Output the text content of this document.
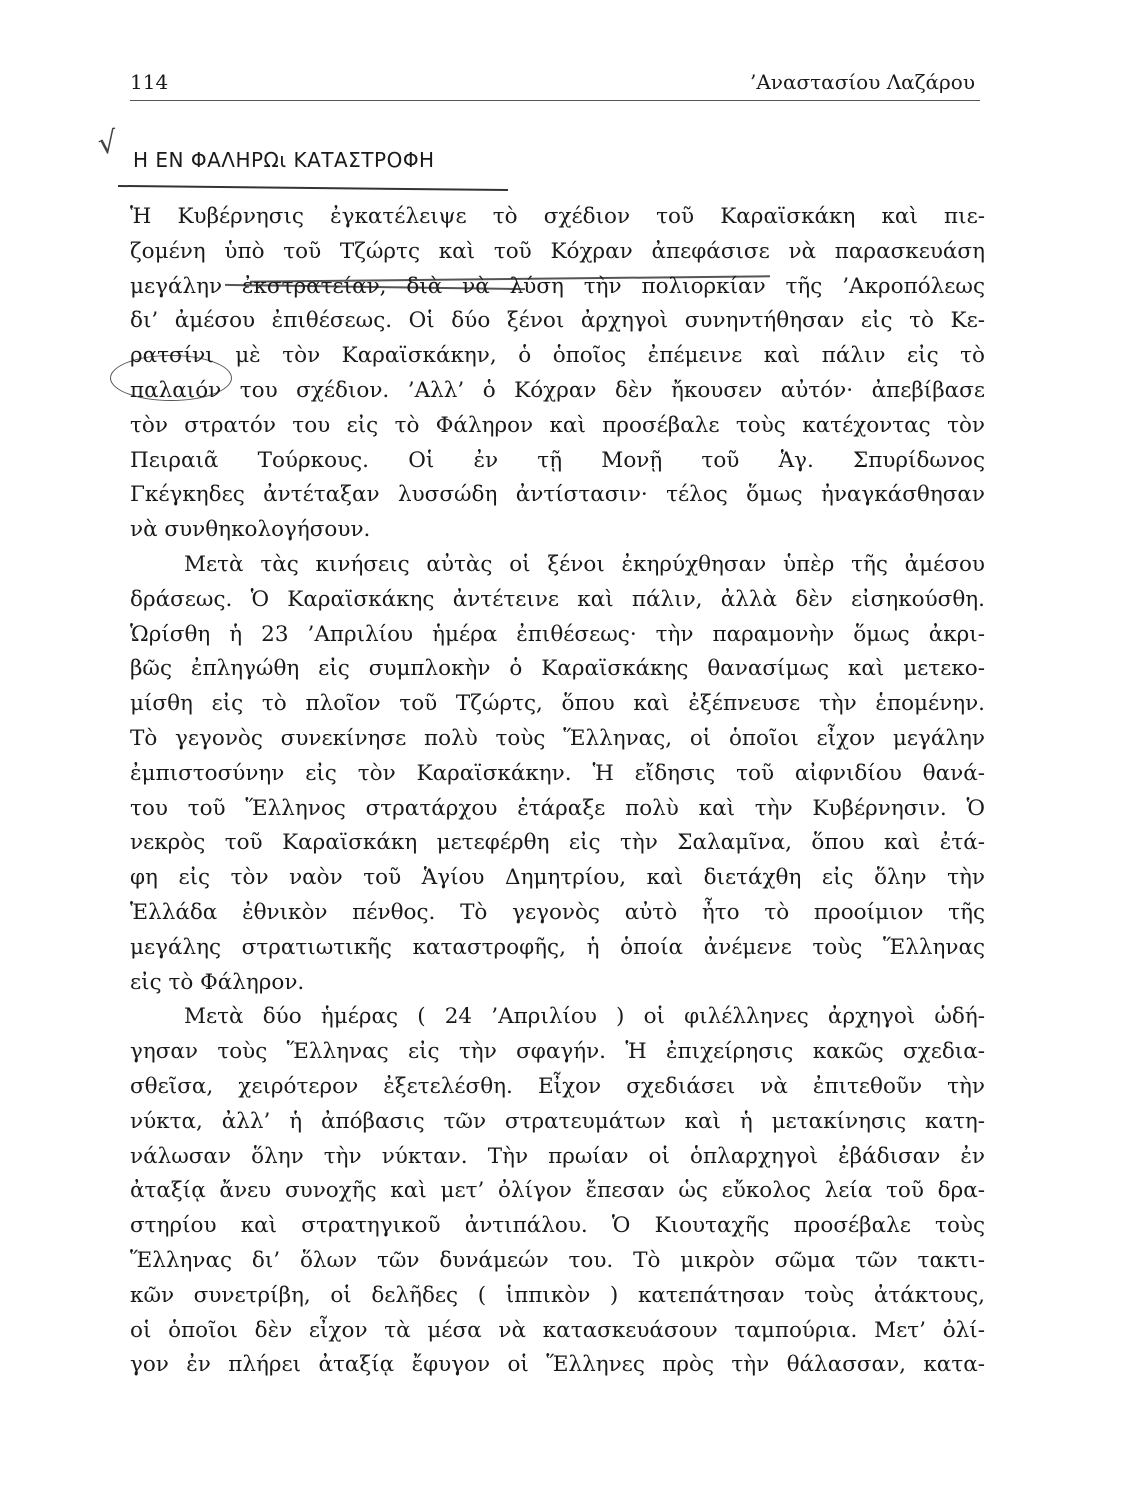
114	’Αναστασίου Λαζάρου
√ Η ΕΝ ΦΑΛΗΡΩι ΚΑΤΑΣΤΡΟΦΗ

Ἡ Κυβέρνησις ἐγκατέλειψε τὸ σχέδιον τοῦ Καραϊσκάκη καὶ πιε-
ζομένη ὑπὸ τοῦ Τζώρτς καὶ τοῦ Κόχραν ἀπεφάσισε νὰ παρασκευάση
μεγάλην ἐκστρατείαν, διὰ νὰ λύση τὴν πολιορκίαν τῆς ’Ακροπόλεως
δι’ ἀμέσου ἐπιθέσεως. Οἱ δύο ξένοι ἀρχηγοὶ συνηντήθησαν εἰς τὸ Κε-
ρατσίνι μὲ τὸν Καραϊσκάκην, ὁ ὁποῖος ἐπέμεινε καὶ πάλιν εἰς τὸ
παλαιόν του σχέδιον. ’Αλλ’ ὁ Κόχραν δὲν ἤκουσεν αὐτόν· ἀπεβίβασε
τὸν στρατόν του εἰς τὸ Φάληρον καὶ προσέβαλε τοὺς κατέχοντας τὸν
Πειραιᾶ Τούρκους. Οἱ ἐν τῇ Μονῇ τοῦ Ἁγ. Σπυρίδωνος
Γκέγκηδες ἀντέταξαν λυσσώδη ἀντίστασιν· τέλος ὅμως ἠναγκάσθησαν
νὰ συνθηκολογήσουν.

Μετὰ τὰς κινήσεις αὐτὰς οἱ ξένοι ἐκηρύχθησαν ὑπὲρ τῆς ἀμέσου
δράσεως. Ὁ Καραϊσκάκης ἀντέτεινε καὶ πάλιν, ἀλλὰ δὲν εἰσηκούσθη.
Ὡρίσθη ἡ 23 ’Απριλίου ἡμέρα ἐπιθέσεως· τὴν παραμονὴν ὅμως ἀκρι-
βῶς ἐπληγώθη εἰς συμπλοκὴν ὁ Καραϊσκάκης θανασίμως καὶ μετεκο-
μίσθη εἰς τὸ πλοῖον τοῦ Τζώρτς, ὅπου καὶ ἐξέπνευσε τὴν ἑπομένην.
Τὸ γεγονὸς συνεκίνησε πολὺ τοὺς Ἕλληνας, οἱ ὁποῖοι εἶχον μεγάλην
ἐμπιστοσύνην εἰς τὸν Καραϊσκάκην. Ἡ εἴδησις τοῦ αἰφνιδίου θανά-
του τοῦ Ἕλληνος στρατάρχου ἐτάραξε πολὺ καὶ τὴν Κυβέρνησιν. Ὁ
νεκρὸς τοῦ Καραϊσκάκη μετεφέρθη εἰς τὴν Σαλαμῖνα, ὅπου καὶ ἐτά-
φη εἰς τὸν ναὸν τοῦ Ἁγίου Δημητρίου, καὶ διετάχθη εἰς ὅλην τὴν
Ἑλλάδα ἐθνικὸν πένθος. Τὸ γεγονὸς αὐτὸ ἦτο τὸ προοίμιον τῆς
μεγάλης στρατιωτικῆς καταστροφῆς, ἡ ὁποία ἀνέμενε τοὺς Ἕλληνας
εἰς τὸ Φάληρον.

Μετὰ δύο ἡμέρας ( 24 ’Απριλίου ) οἱ φιλέλληνες ἀρχηγοὶ ὡδή-
γησαν τοὺς Ἕλληνας εἰς τὴν σφαγήν. Ἡ ἐπιχείρησις κακῶς σχεδια-
σθεῖσα, χειρότερον ἐξετελέσθη. Εἶχον σχεδιάσει νὰ ἐπιτεθοῦν τὴν
νύκτα, ἀλλ’ ἡ ἀπόβασις τῶν στρατευμάτων καὶ ἡ μετακίνησις κατη-
νάλωσαν ὅλην τὴν νύκταν. Τὴν πρωίαν οἱ ὁπλαρχηγοὶ ἐβάδισαν ἐν
ἀταξίᾳ ἄνευ συνοχῆς καὶ μετ’ ὀλίγον ἔπεσαν ὡς εὔκολος λεία τοῦ δρα-
στηρίου καὶ στρατηγικοῦ ἀντιπάλου. Ὁ Κιουταχῆς προσέβαλε τοὺς
Ἕλληνας δι’ ὅλων τῶν δυνάμεών του. Τὸ μικρὸν σῶμα τῶν τακτι-
κῶν συνετρίβη, οἱ δελῆδες ( ἱππικὸν ) κατεπάτησαν τοὺς ἀτάκτους,
οἱ ὁποῖοι δὲν εἶχον τὰ μέσα νὰ κατασκευάσουν ταμπούρια. Μετ’ ὀλί-
γον ἐν πλήρει ἀταξίᾳ ἔφυγον οἱ Ἕλληνες πρὸς τὴν θάλασσαν, κατα-
